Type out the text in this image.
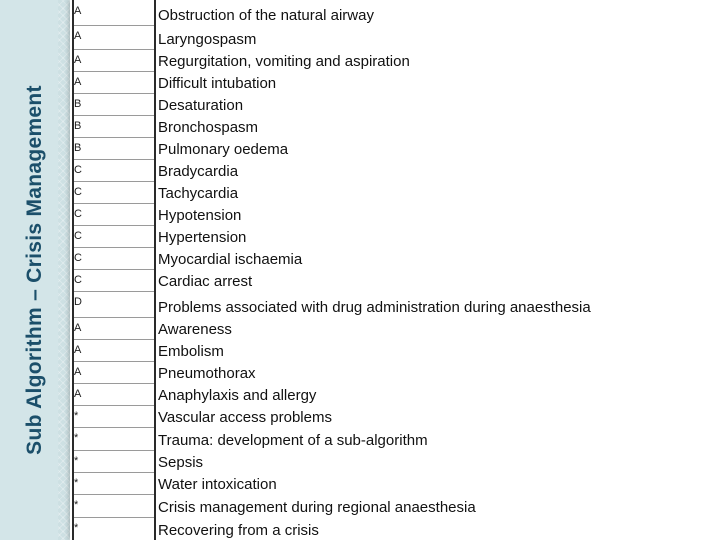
Sub Algorithm – Crisis Management
A	Obstruction of the natural airway
A	Laryngospasm
A	Regurgitation, vomiting and aspiration
A	Difficult intubation
B	Desaturation
B	Bronchospasm
B	Pulmonary oedema
C	Bradycardia
C	Tachycardia
C	Hypotension
C	Hypertension
C	Myocardial ischaemia
C	Cardiac arrest
D	Problems associated with drug administration during anaesthesia
A	Awareness
A	Embolism
A	Pneumothorax
A	Anaphylaxis and allergy
*	Vascular access problems
*	Trauma: development of a sub-algorithm
*	Sepsis
*	Water intoxication
*	Crisis management during regional anaesthesia
*	Recovering from a crisis
